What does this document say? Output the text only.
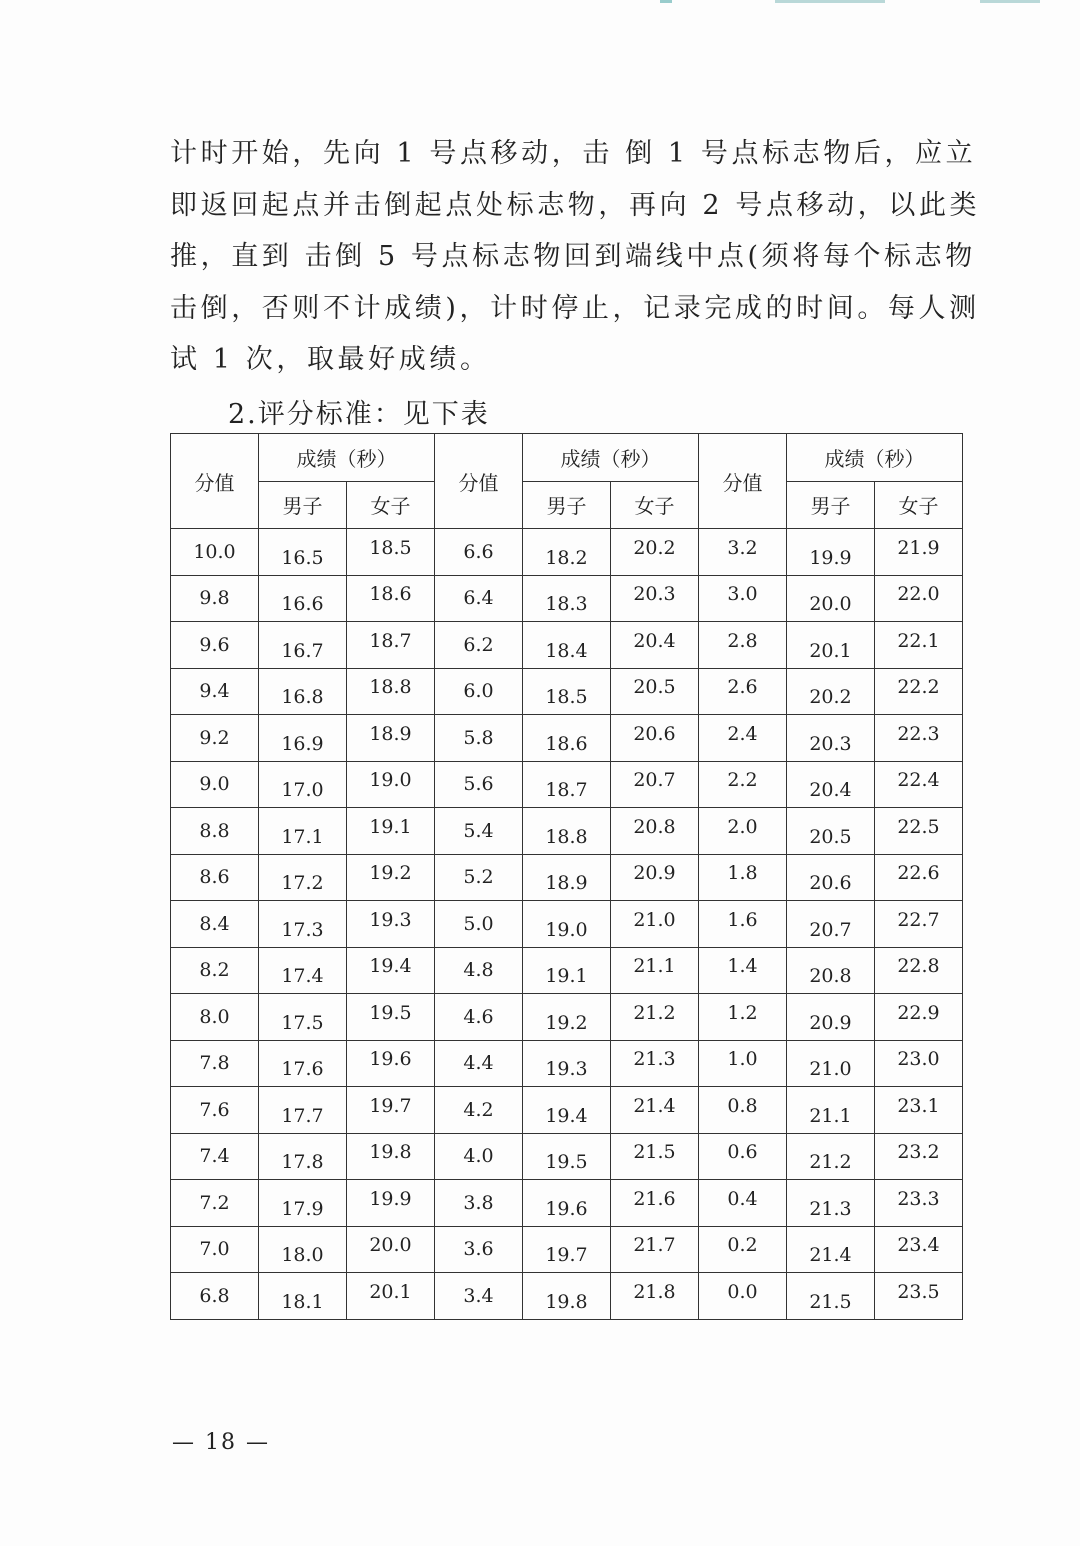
计时开始，先向 1 号点移动，击 倒 1 号点标志物后，应立
即返回起点并击倒起点处标志物，再向 2 号点移动，以此类
推，直到 击倒 5 号点标志物回到端线中点(须将每个标志物
击倒，否则不计成绩)，计时停止，记录完成的时间。每人测
试 1 次，取最好成绩。
2.评分标准：见下表
分值	成绩（秒）		分值	成绩（秒）		分值	成绩（秒）	
	男子	女子		男子	女子		男子	女子
10.0	16.5	18.5	6.6	18.2	20.2	3.2	19.9	21.9
9.8	16.6	18.6	6.4	18.3	20.3	3.0	20.0	22.0
9.6	16.7	18.7	6.2	18.4	20.4	2.8	20.1	22.1
9.4	16.8	18.8	6.0	18.5	20.5	2.6	20.2	22.2
9.2	16.9	18.9	5.8	18.6	20.6	2.4	20.3	22.3
9.0	17.0	19.0	5.6	18.7	20.7	2.2	20.4	22.4
8.8	17.1	19.1	5.4	18.8	20.8	2.0	20.5	22.5
8.6	17.2	19.2	5.2	18.9	20.9	1.8	20.6	22.6
8.4	17.3	19.3	5.0	19.0	21.0	1.6	20.7	22.7
8.2	17.4	19.4	4.8	19.1	21.1	1.4	20.8	22.8
8.0	17.5	19.5	4.6	19.2	21.2	1.2	20.9	22.9
7.8	17.6	19.6	4.4	19.3	21.3	1.0	21.0	23.0
7.6	17.7	19.7	4.2	19.4	21.4	0.8	21.1	23.1
7.4	17.8	19.8	4.0	19.5	21.5	0.6	21.2	23.2
7.2	17.9	19.9	3.8	19.6	21.6	0.4	21.3	23.3
7.0	18.0	20.0	3.6	19.7	21.7	0.2	21.4	23.4
6.8	18.1	20.1	3.4	19.8	21.8	0.0	21.5	23.5
— 18 —
